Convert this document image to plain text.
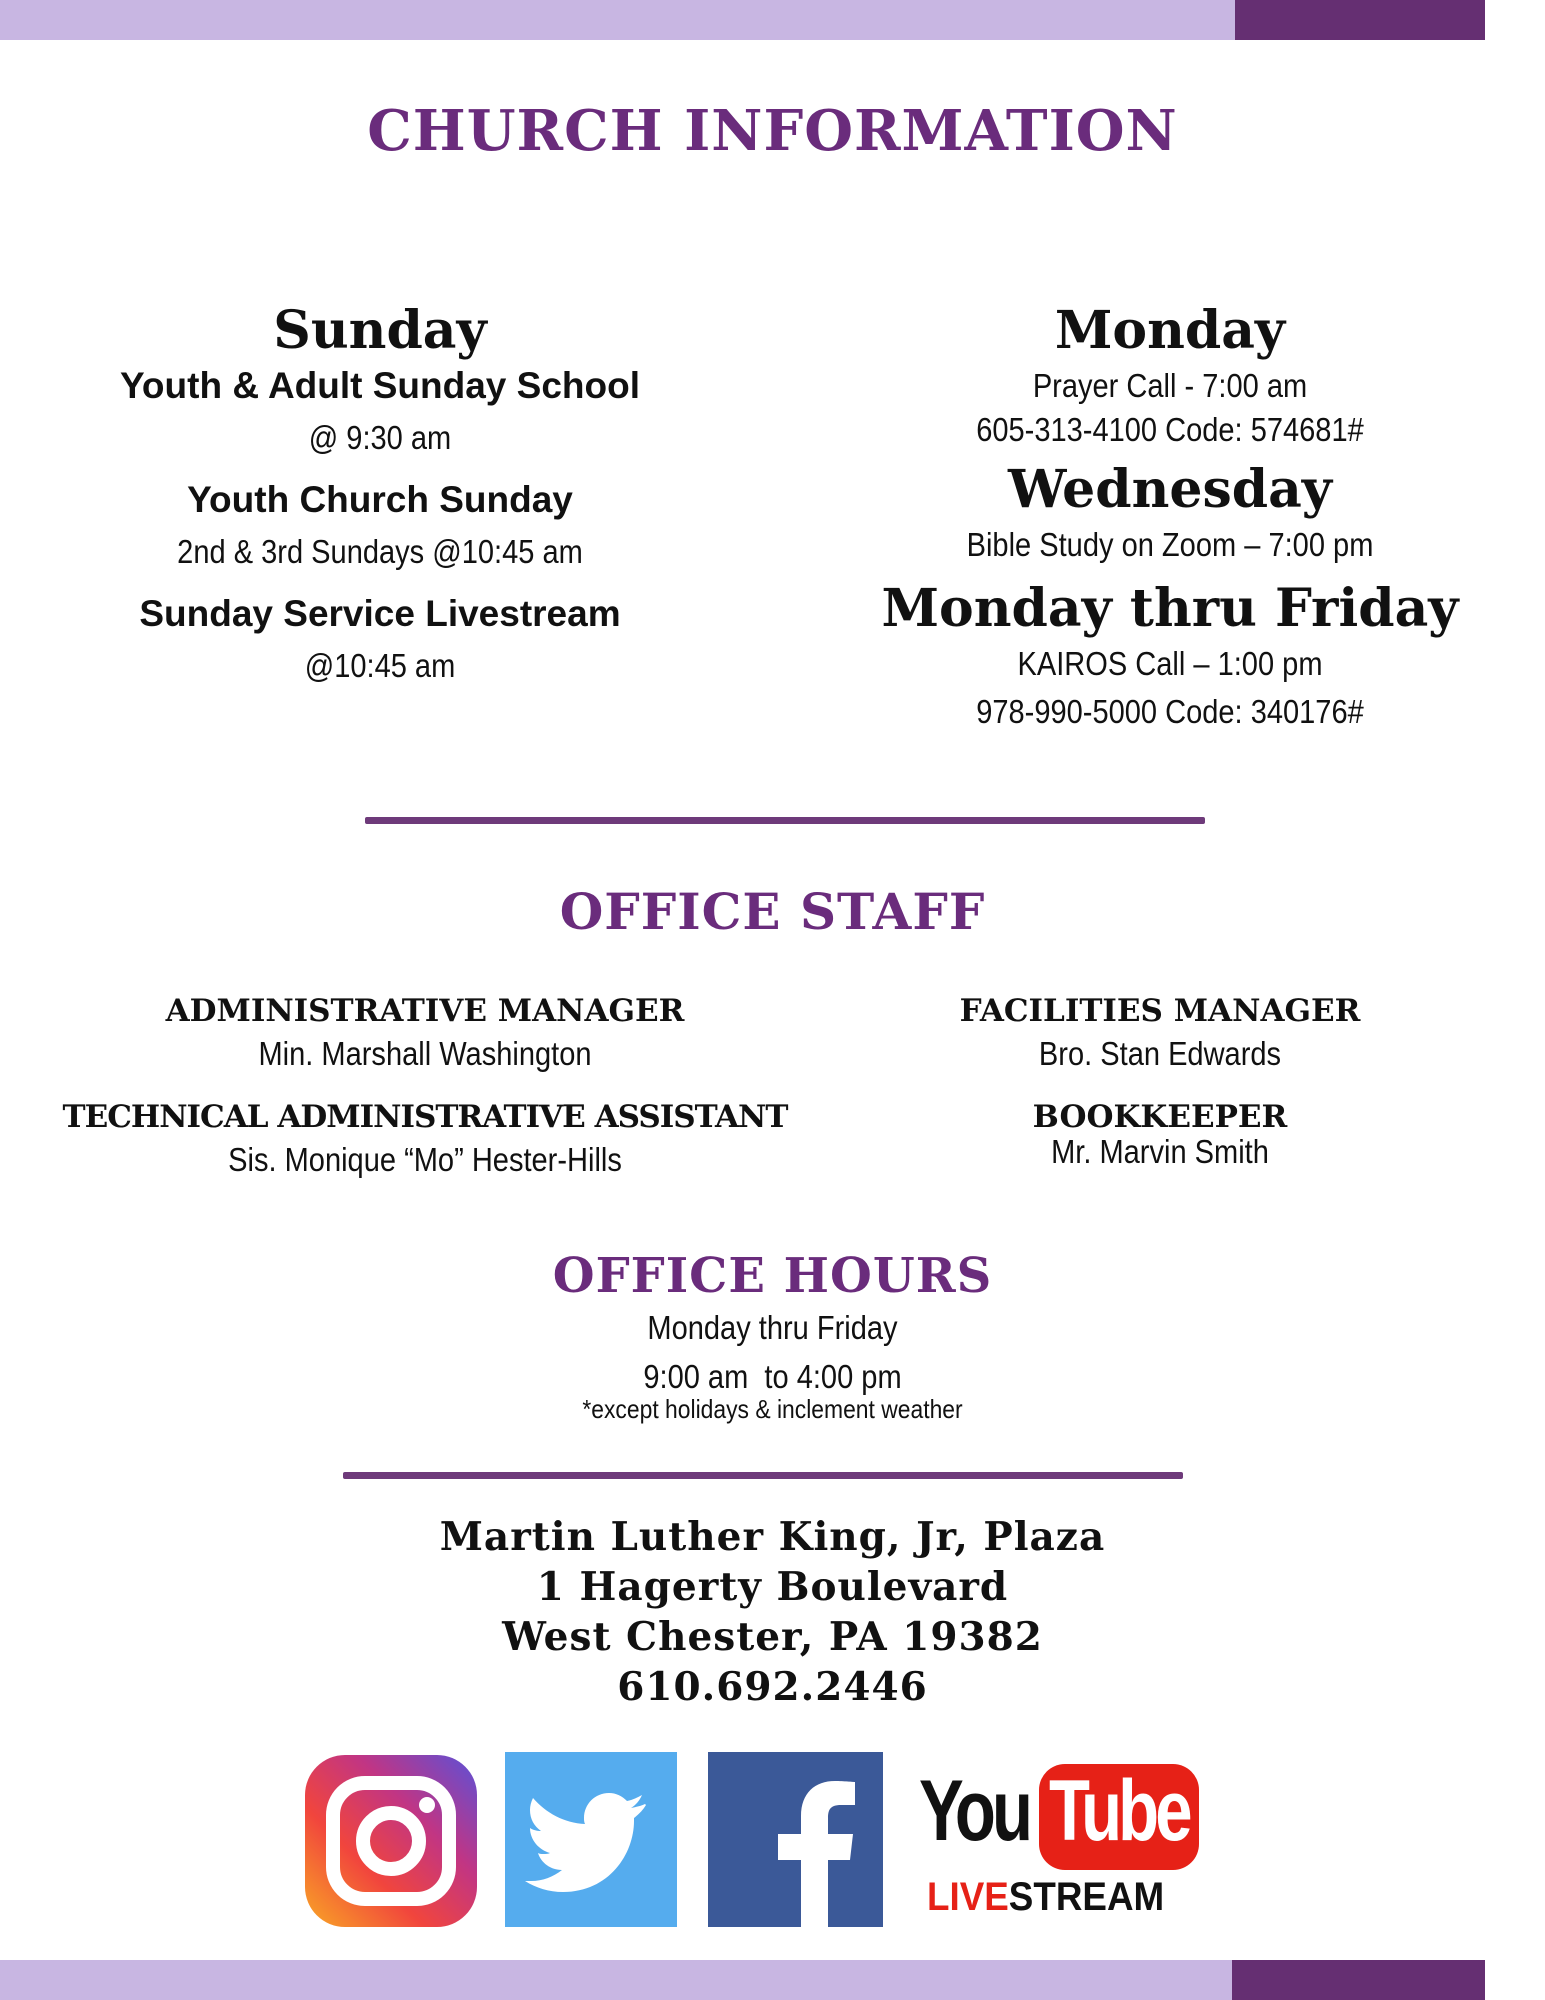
CHURCH INFORMATION
Sunday
Youth & Adult Sunday School
@ 9:30 am
Youth Church Sunday
2nd & 3rd Sundays @10:45 am
Sunday Service Livestream
@10:45 am
Monday
Prayer Call - 7:00 am
605-313-4100 Code: 574681#
Wednesday
Bible Study on Zoom – 7:00 pm
Monday thru Friday
KAIROS Call – 1:00 pm
978-990-5000 Code: 340176#
OFFICE STAFF
ADMINISTRATIVE MANAGER
Min. Marshall Washington
TECHNICAL ADMINISTRATIVE ASSISTANT
Sis. Monique “Mo” Hester-Hills
FACILITIES MANAGER
Bro. Stan Edwards
BOOKKEEPER
Mr. Marvin Smith
OFFICE HOURS
Monday thru Friday
9:00 am  to 4:00 pm
*except holidays & inclement weather
Martin Luther King, Jr, Plaza
1 Hagerty Boulevard
West Chester, PA 19382
610.692.2446
You Tube
LIVESTREAM
